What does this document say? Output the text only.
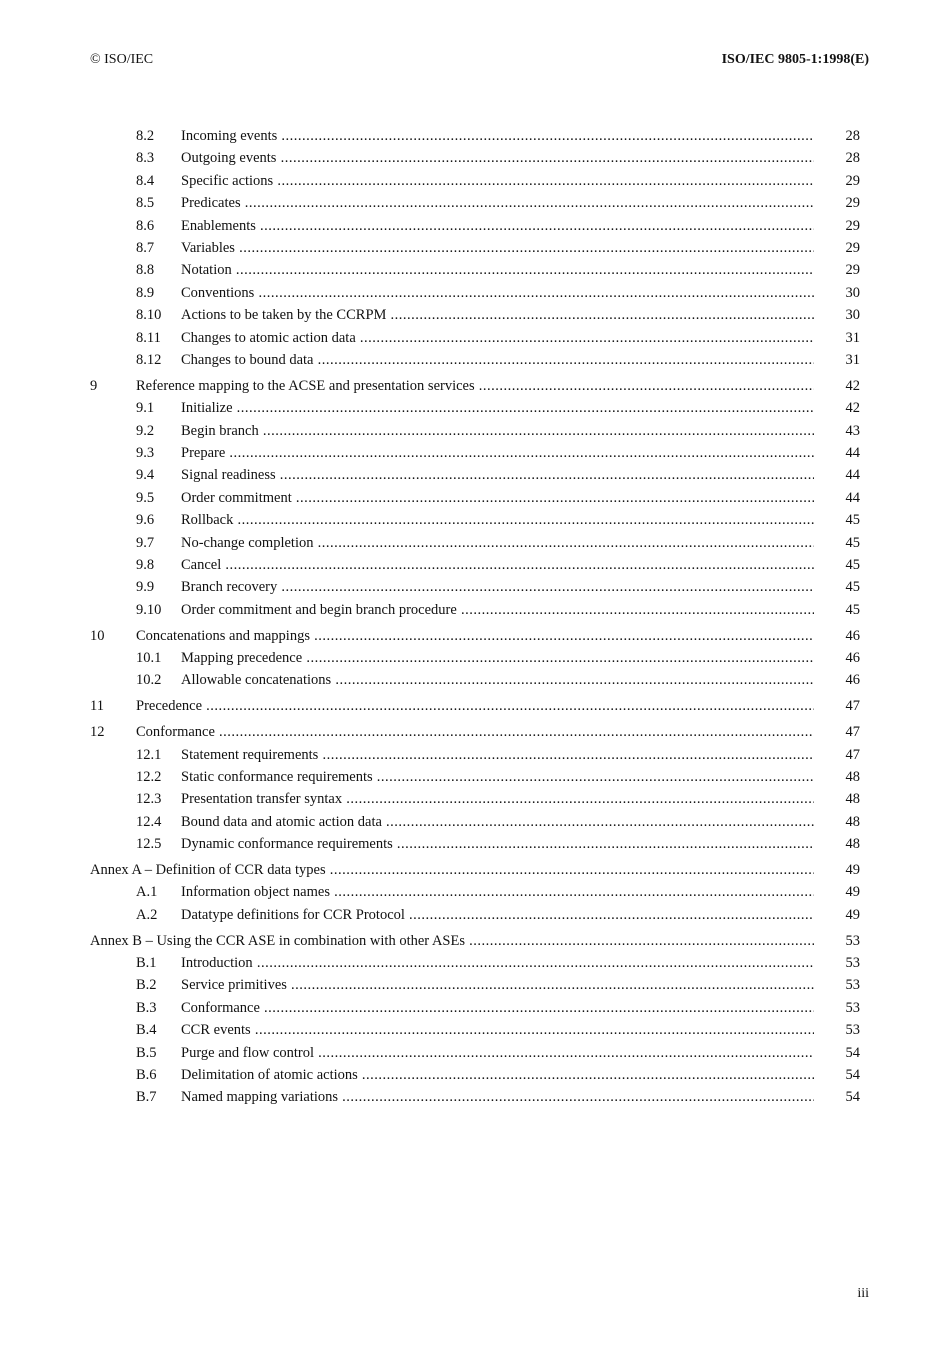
© ISO/IEC	ISO/IEC 9805-1:1998(E)
8.2 Incoming events .....	28
8.3 Outgoing events .....	28
8.4 Specific actions .....	29
8.5 Predicates .....	29
8.6 Enablements .....	29
8.7 Variables .....	29
8.8 Notation .....	29
8.9 Conventions .....	30
8.10 Actions to be taken by the CCRPM .....	30
8.11 Changes to atomic action data .....	31
8.12 Changes to bound data .....	31
9	Reference mapping to the ACSE and presentation services .....	42
9.1 Initialize .....	42
9.2 Begin branch .....	43
9.3 Prepare .....	44
9.4 Signal readiness .....	44
9.5 Order commitment .....	44
9.6 Rollback .....	45
9.7 No-change completion .....	45
9.8 Cancel .....	45
9.9 Branch recovery .....	45
9.10 Order commitment and begin branch procedure .....	45
10 Concatenations and mappings .....	46
10.1 Mapping precedence .....	46
10.2 Allowable concatenations .....	46
11 Precedence .....	47
12 Conformance .....	47
12.1 Statement requirements .....	47
12.2 Static conformance requirements .....	48
12.3 Presentation transfer syntax .....	48
12.4 Bound data and atomic action data .....	48
12.5 Dynamic conformance requirements .....	48
Annex A – Definition of CCR data types .....	49
A.1 Information object names .....	49
A.2 Datatype definitions for CCR Protocol .....	49
Annex B – Using the CCR ASE in combination with other ASEs .....	53
B.1 Introduction .....	53
B.2 Service primitives .....	53
B.3 Conformance .....	53
B.4 CCR events .....	53
B.5 Purge and flow control .....	54
B.6 Delimitation of atomic actions .....	54
B.7 Named mapping variations .....	54
iii
